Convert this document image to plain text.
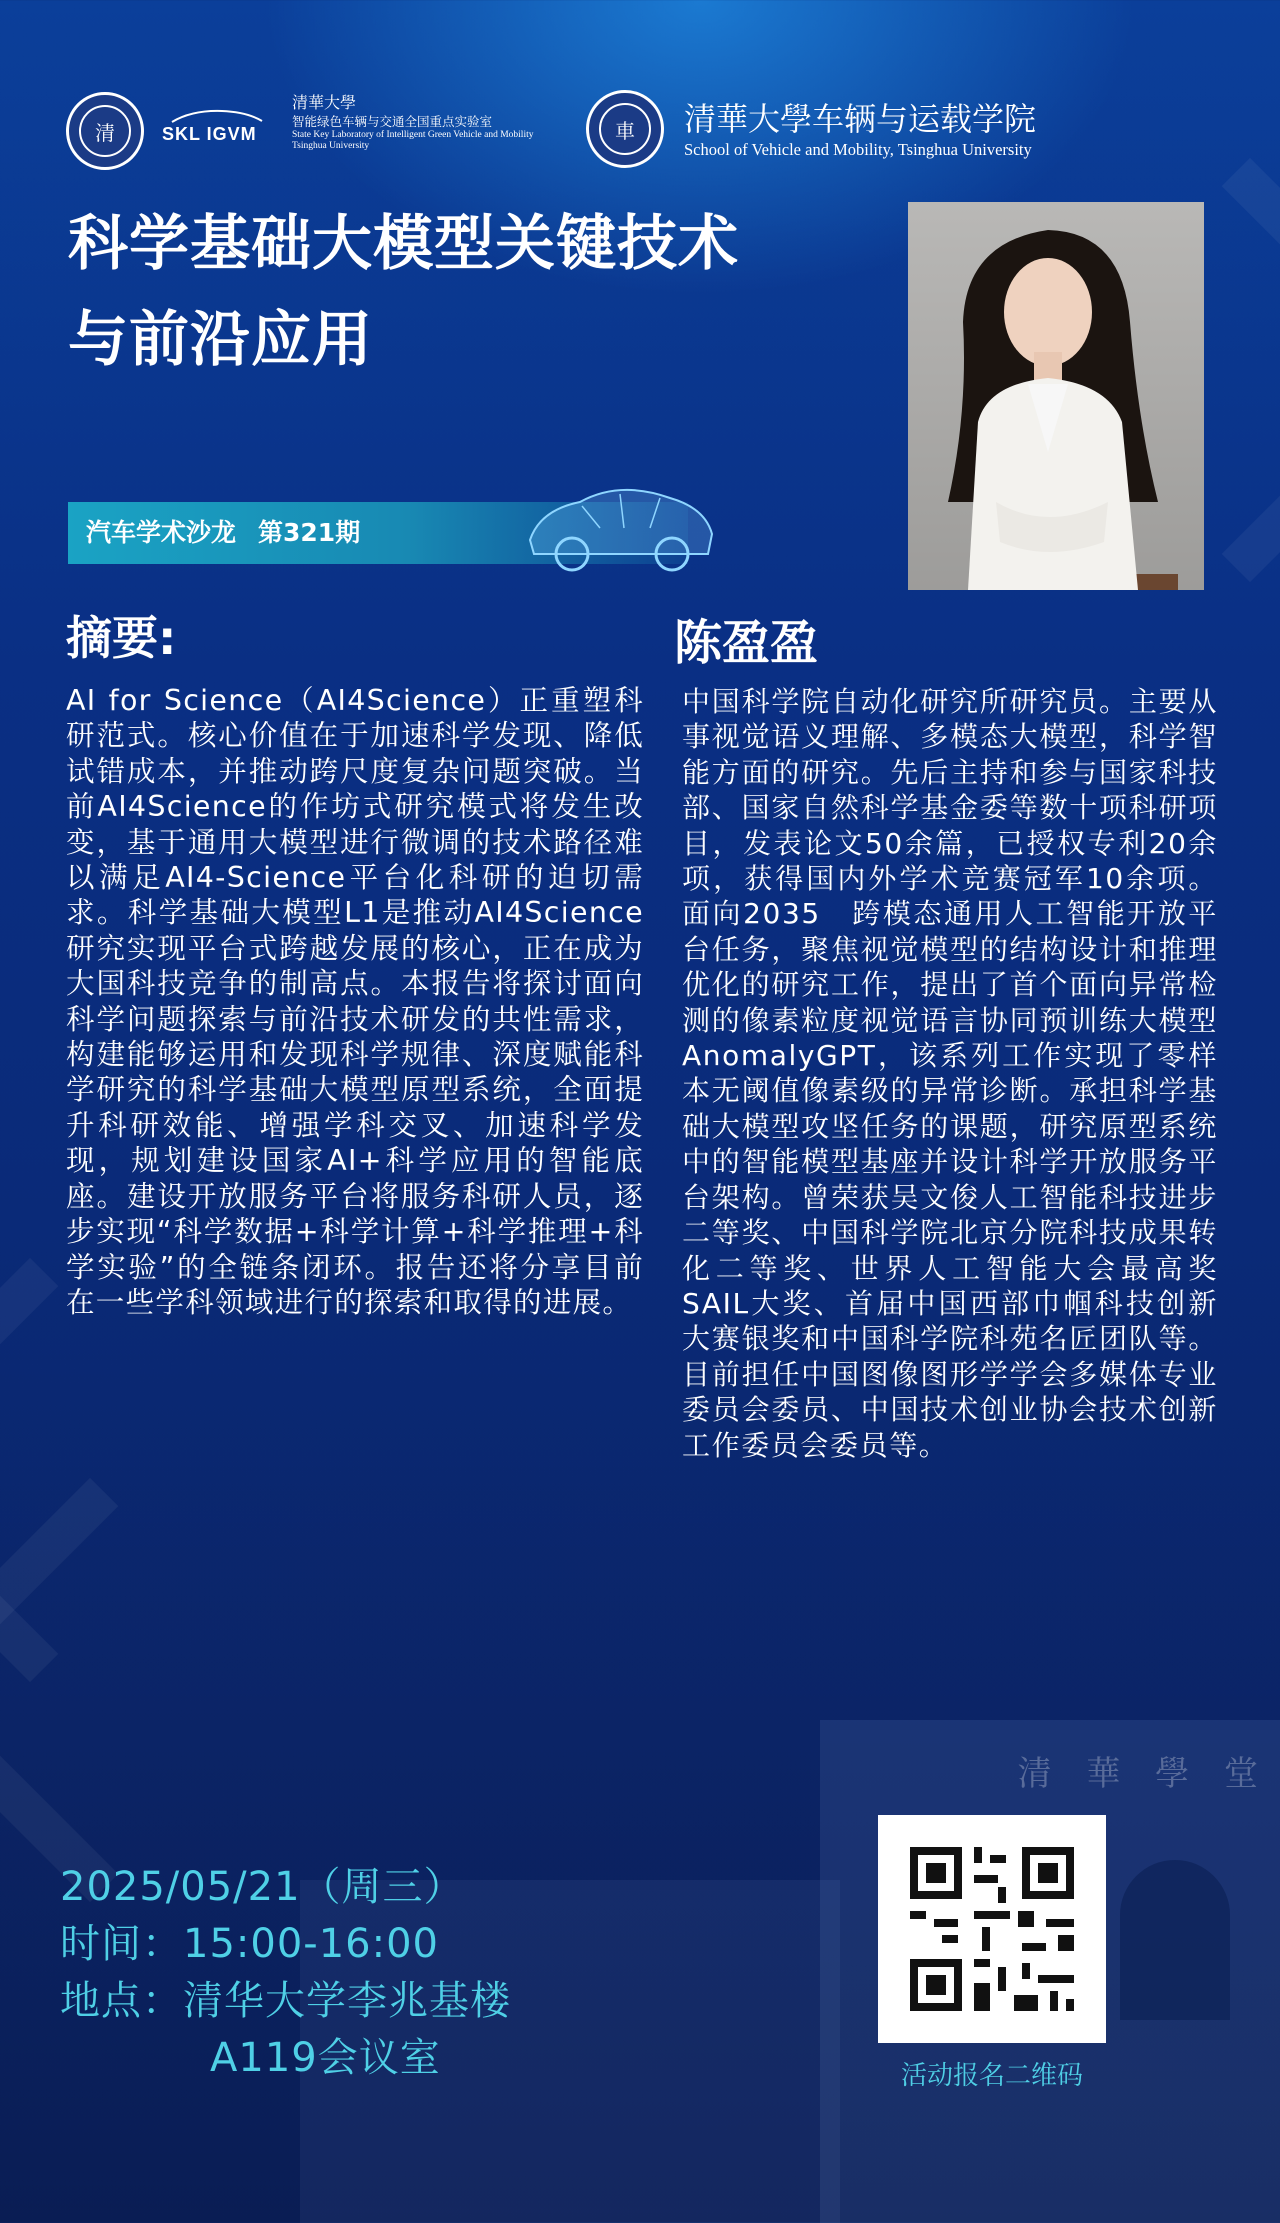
清 華 學 堂
清	SKL IGVM
清華大學
智能绿色车辆与交通全国重点实验室
State Key Laboratory of Intelligent Green Vehicle and Mobility
Tsinghua University
車	清華大學车辆与运载学院
School of Vehicle and Mobility, Tsinghua University
科学基础大模型关键技术
与前沿应用
汽车学术沙龙 第321期
摘要:
AI for Science（AI4Science）正重塑科研范式。核心价值在于加速科学发现、降低试错成本，并推动跨尺度复杂问题突破。当前AI4Science的作坊式研究模式将发生改变，基于通用大模型进行微调的技术路径难以满足AI4-Science平台化科研的迫切需求。科学基础大模型L1是推动AI4Science研究实现平台式跨越发展的核心，正在成为大国科技竞争的制高点。本报告将探讨面向科学问题探索与前沿技术研发的共性需求，构建能够运用和发现科学规律、深度赋能科学研究的科学基础大模型原型系统，全面提升科研效能、增强学科交叉、加速科学发现，规划建设国家AI+科学应用的智能底座。建设开放服务平台将服务科研人员，逐步实现“科学数据+科学计算+科学推理+科学实验”的全链条闭环。报告还将分享目前在一些学科领域进行的探索和取得的进展。
陈盈盈
中国科学院自动化研究所研究员。主要从事视觉语义理解、多模态大模型，科学智能方面的研究。先后主持和参与国家科技部、国家自然科学基金委等数十项科研项目，发表论文50余篇，已授权专利20余项，获得国内外学术竞赛冠军10余项。面向2035　跨模态通用人工智能开放平台任务，聚焦视觉模型的结构设计和推理优化的研究工作，提出了首个面向异常检测的像素粒度视觉语言协同预训练大模型AnomalyGPT，该系列工作实现了零样本无阈值像素级的异常诊断。承担科学基础大模型攻坚任务的课题，研究原型系统中的智能模型基座并设计科学开放服务平台架构。曾荣获吴文俊人工智能科技进步二等奖、中国科学院北京分院科技成果转化二等奖、世界人工智能大会最高奖SAIL大奖、首届中国西部巾帼科技创新大赛银奖和中国科学院科苑名匠团队等。目前担任中国图像图形学学会多媒体专业委员会委员、中国技术创业协会技术创新工作委员会委员等。
2025/05/21（周三）
时间：15:00-16:00
地点：清华大学李兆基楼
A119会议室	活动报名二维码
